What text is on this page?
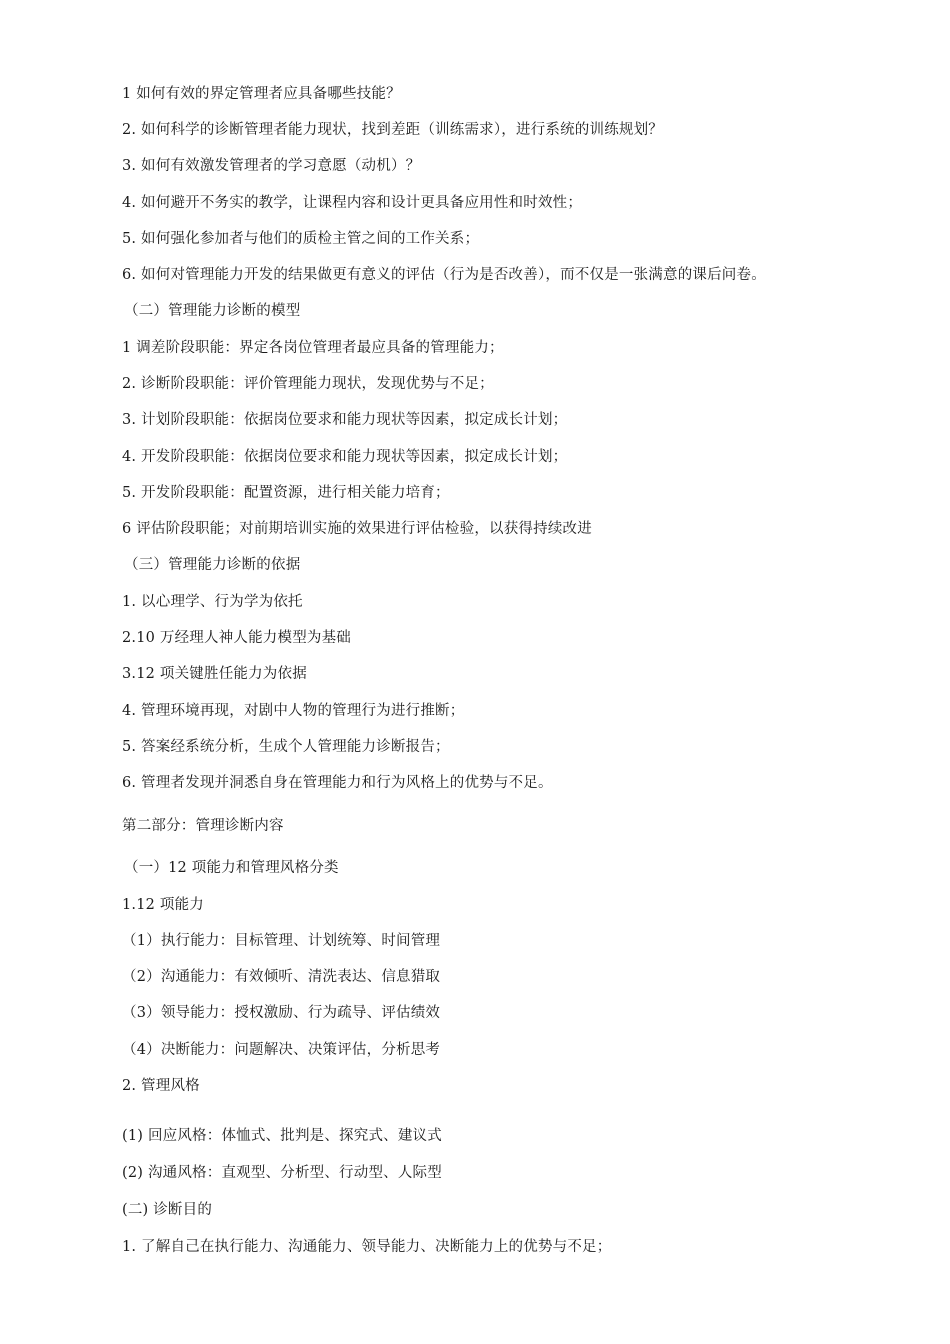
1 如何有效的界定管理者应具备哪些技能？
2. 如何科学的诊断管理者能力现状，找到差距（训练需求），进行系统的训练规划？
3. 如何有效激发管理者的学习意愿（动机）？
4. 如何避开不务实的教学，让课程内容和设计更具备应用性和时效性；
5. 如何强化参加者与他们的质检主管之间的工作关系；
6. 如何对管理能力开发的结果做更有意义的评估（行为是否改善），而不仅是一张满意的课后问卷。
（二）管理能力诊断的模型
1 调差阶段职能：界定各岗位管理者最应具备的管理能力；
2. 诊断阶段职能：评价管理能力现状，发现优势与不足；
3. 计划阶段职能：依据岗位要求和能力现状等因素，拟定成长计划；
4. 开发阶段职能：依据岗位要求和能力现状等因素，拟定成长计划；
5. 开发阶段职能：配置资源，进行相关能力培育；
6 评估阶段职能；对前期培训实施的效果进行评估检验，以获得持续改进
（三）管理能力诊断的依据
1. 以心理学、行为学为依托
2.10 万经理人神人能力模型为基础
3.12 项关键胜任能力为依据
4. 管理环境再现，对剧中人物的管理行为进行推断；
5. 答案经系统分析，生成个人管理能力诊断报告；
6. 管理者发现并洞悉自身在管理能力和行为风格上的优势与不足。
第二部分：管理诊断内容
（一）12 项能力和管理风格分类
1.12 项能力
（1）执行能力：目标管理、计划统筹、时间管理
（2）沟通能力：有效倾听、清洗表达、信息猎取
（3）领导能力：授权激励、行为疏导、评估绩效
（4）决断能力：问题解决、决策评估，分析思考
2. 管理风格
(1) 回应风格：体恤式、批判是、探究式、建议式
(2) 沟通风格：直观型、分析型、行动型、人际型
(二) 诊断目的
1. 了解自己在执行能力、沟通能力、领导能力、决断能力上的优势与不足；
